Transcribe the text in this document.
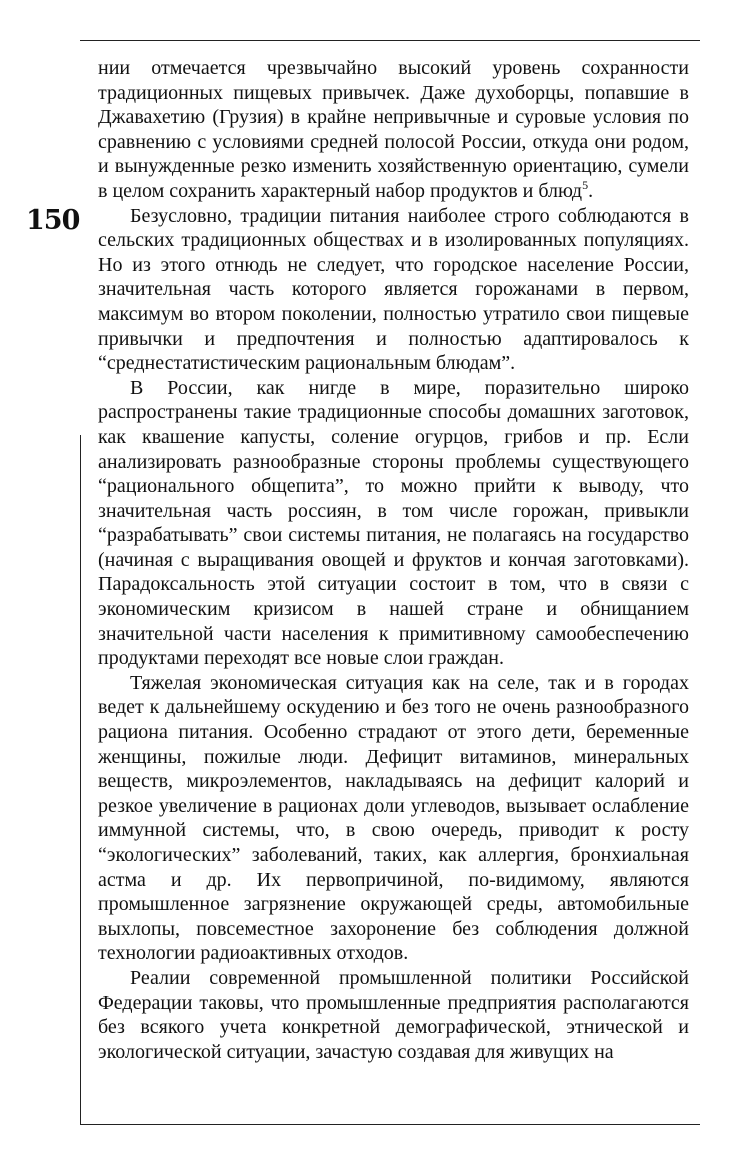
150

нии отмечается чрезвычайно высокий уровень сохранности традиционных пищевых привычек. Даже духоборцы, попавшие в Джавахетию (Грузия) в крайне непривычные и суровые условия по сравнению с условиями средней полосой России, откуда они родом, и вынужденные резко изменить хозяйственную ориентацию, сумели в целом сохранить характерный набор продуктов и блюд$^5$.

Безусловно, традиции питания наиболее строго соблюдаются в сельских традиционных обществах и в изолированных популяциях. Но из этого отнюдь не следует, что городское население России, значительная часть которого является горожанами в первом, максимум во втором поколении, полностью утратило свои пищевые привычки и предпочтения и полностью адаптировалось к “среднестатистическим рациональным блюдам”.

В России, как нигде в мире, поразительно широко распространены такие традиционные способы домашних заготовок, как квашение капусты, соление огурцов, грибов и пр. Если анализировать разнообразные стороны проблемы существующего “рационального общепита”, то можно прийти к выводу, что значительная часть россиян, в том числе горожан, привыкли “разрабатывать” свои системы питания, не полагаясь на государство (начиная с выращивания овощей и фруктов и кончая заготовками). Парадоксальность этой ситуации состоит в том, что в связи с экономическим кризисом в нашей стране и обнищанием значительной части населения к примитивному самообеспечению продуктами переходят все новые слои граждан.

Тяжелая экономическая ситуация как на селе, так и в городах ведет к дальнейшему оскудению и без того не очень разнообразного рациона питания. Особенно страдают от этого дети, беременные женщины, пожилые люди. Дефицит витаминов, минеральных веществ, микроэлементов, накладываясь на дефицит калорий и резкое увеличение в рационах доли углеводов, вызывает ослабление иммунной системы, что, в свою очередь, приводит к росту “экологических” заболеваний, таких, как аллергия, бронхиальная астма и др. Их первопричиной, по-видимому, являются промышленное загрязнение окружающей среды, автомобильные выхлопы, повсеместное захоронение без соблюдения должной технологии радиоактивных отходов.

Реалии современной промышленной политики Российской Федерации таковы, что промышленные предприятия располагаются без всякого учета конкретной демографической, этнической и экологической ситуации, зачастую создавая для живущих на
